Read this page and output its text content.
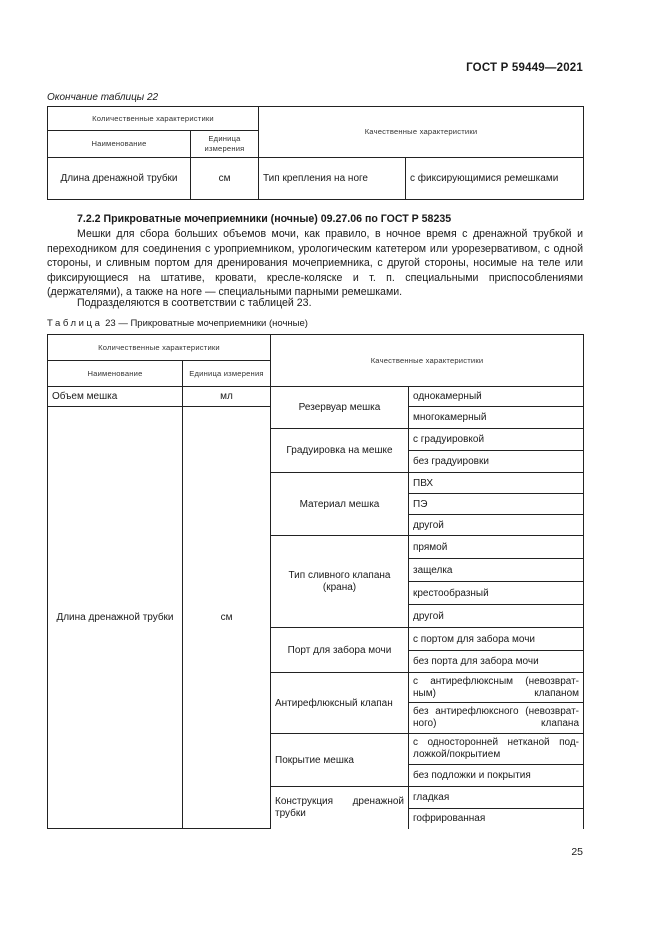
ГОСТ Р 59449—2021
Окончание таблицы 22
Количественные характеристики		Качественные характеристики	
Наименование	Единица измерения		
Длина дренажной трубки	см	Тип крепления на ноге	с фиксирующимися ремешками
7.2.2 Прикроватные мочеприемники (ночные) 09.27.06 по ГОСТ Р 58235

Мешки для сбора больших объемов мочи, как правило, в ночное время с дренажной трубкой и переходником для соединения с уроприемником, урологическим катетером или урорезервативом, с одной стороны, и сливным портом для дренирования мочеприемника, с другой стороны, носимые на теле или фиксирующиеся на штативе, кровати, кресле-коляске и т. п. специальными приспособлениями (держателями), а также на ноге — специальными парными ремешками.

Подразделяются в соответствии с таблицей 23.

Таблица 23 — Прикроватные мочеприемники (ночные)
Количественные характеристики		Качественные характеристики	
Наименование	Единица измерения		
Объем мешка	мл	Резервуар мешка	однокамерный
Длина дренажной трубки	см		многокамерный
		Градуировка на мешке	с градуировкой
			без градуировки
		Материал мешка	ПВХ
			ПЭ
			другой
		Тип сливного клапана (крана)	прямой
			защелка
			крестообразный
			другой
		Порт для забора мочи	с портом для забора мочи
			без порта для забора мочи
		Антирефлюксный клапан	с антирефлюксным (невозврат-ным) клапаном
			без антирефлюксного (невозврат-ного) клапана
		Покрытие мешка	с односторонней нетканой под-ложкой/покрытием
			без подложки и покрытия
		Конструкция дренажной трубки	гладкая
			гофрированная
25
